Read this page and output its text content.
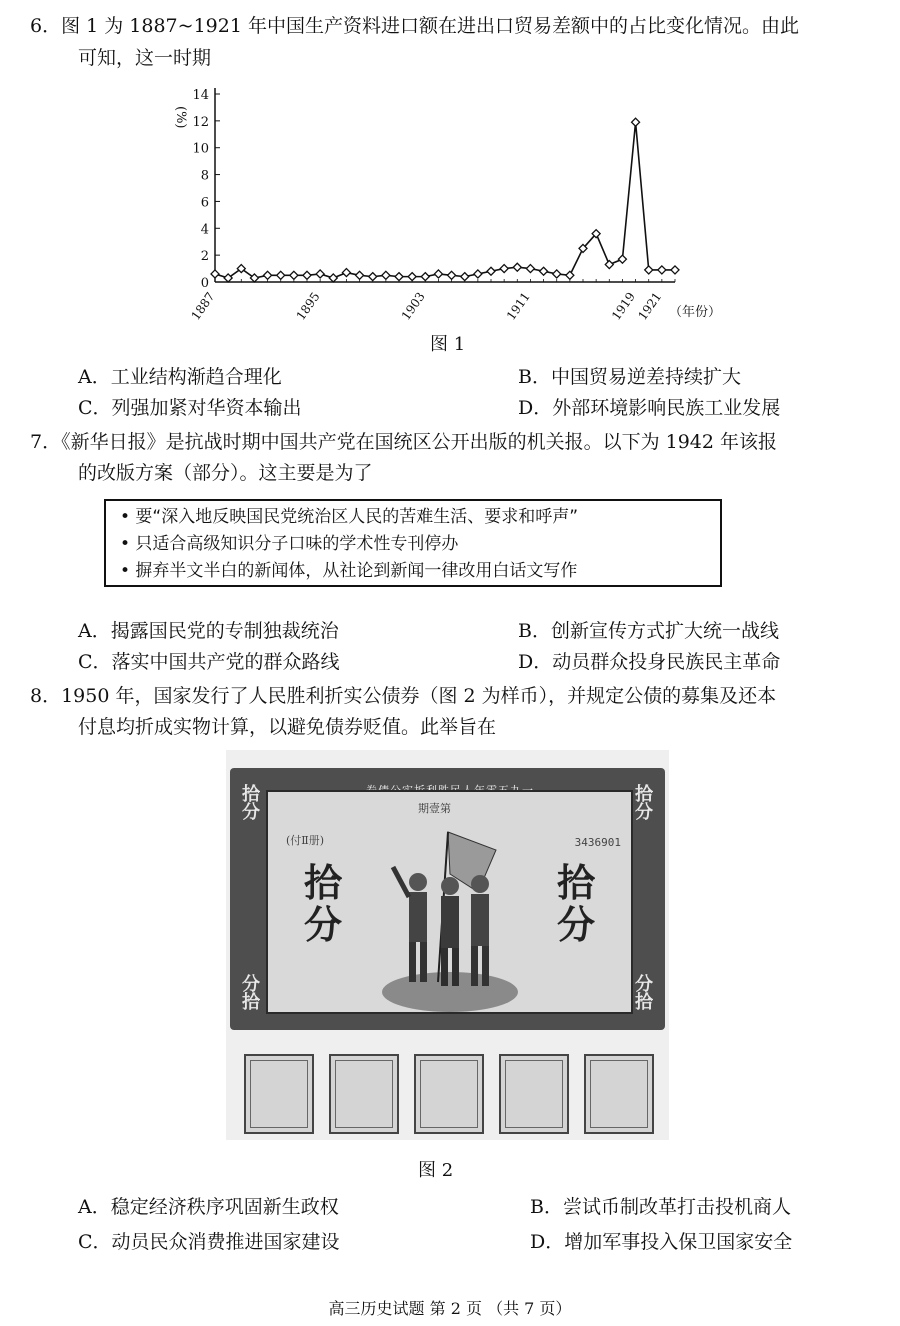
6．图 1 为 1887~1921 年中国生产资料进口额在进出口贸易差额中的占比变化情况。由此
可知，这一时期
0
2
4
6
8
10
12
14
(%)
1887	1895	1903	1911	1919
1921 （年份）
图 1
A．工业结构渐趋合理化	B．中国贸易逆差持续扩大
C．列强加紧对华资本输出	D．外部环境影响民族工业发展
7．《新华日报》是抗战时期中国共产党在国统区公开出版的机关报。以下为 1942 年该报
的改版方案（部分）。这主要是为了
• 要“深入地反映国民党统治区人民的苦难生活、要求和呼声”
• 只适合高级知识分子口味的学术性专刊停办
• 摒弃半文半白的新闻体，从社论到新闻一律改用白话文写作
A．揭露国民党的专制独裁统治	B．创新宣传方式扩大统一战线
C．落实中国共产党的群众路线	D．动员群众投身民族民主革命
8．1950 年，国家发行了人民胜利折实公债券（图 2 为样币），并规定公债的募集及还本
付息均折成实物计算，以避免债券贬值。此举旨在
拾分
拾分
分拾
分拾
期壹第
(付Ⅱ册)	3436901
拾分
拾分
图 2
A．稳定经济秩序巩固新生政权	B．尝试币制改革打击投机商人
C．动员民众消费推进国家建设	D．增加军事投入保卫国家安全
高三历史试题 第 2 页 （共 7 页）
